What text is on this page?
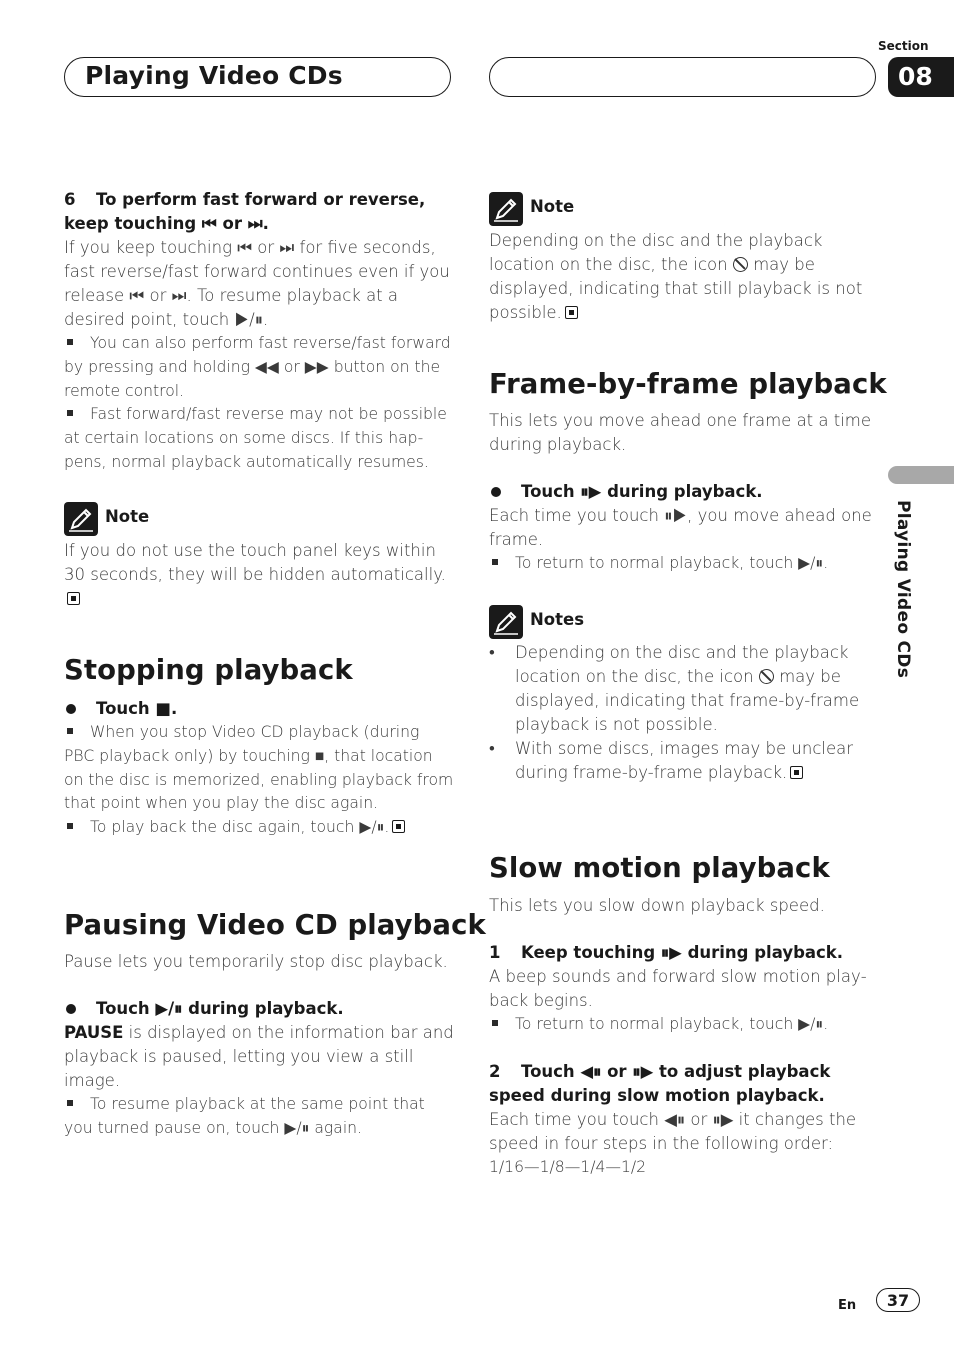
Playing Video CDs
Section
08
Playing Video CDs

6 To perform fast forward or reverse,

keep touching ⏮ or ⏭.

If you keep touching ⏮ or ⏭ for five seconds, fast reverse/fast forward continues even if you release ⏮ or ⏭. To resume playback at a desired point, touch ▶/⏸.

You can also perform fast reverse/fast forward by pressing and holding ◀◀ or ▶▶ button on the remote control.

Fast forward/fast reverse may not be possible at certain locations on some discs. If this happens, normal playback automatically resumes.

Note

If you do not use the touch panel keys within 30 seconds, they will be hidden automatically.

Stopping playback

Touch ■.

When you stop Video CD playback (during PBC playback only) by touching ■, that location on the disc is memorized, enabling playback from that point when you play the disc again.

To play back the disc again, touch ▶/⏸.

Pausing Video CD playback

Pause lets you temporarily stop disc playback.

Touch ▶/⏸ during playback.

PAUSE is displayed on the information bar and playback is paused, letting you view a still image.

To resume playback at the same point that you turned pause on, touch ▶/⏸ again.

Note

Depending on the disc and the playback location on the disc, the icon  may be displayed, indicating that still playback is not possible.

Frame-by-frame playback

This lets you move ahead one frame at a time during playback.

Touch ⏸▶ during playback.

Each time you touch ⏸▶, you move ahead one frame.

To return to normal playback, touch ▶/⏸.

Notes

• Depending on the disc and the playback location on the disc, the icon  may be displayed, indicating that frame-by-frame playback is not possible.

• With some discs, images may be unclear during frame-by-frame playback.

Slow motion playback

This lets you slow down playback speed.

1 Keep touching ⏸▶ during playback.

A beep sounds and forward slow motion playback begins.

To return to normal playback, touch ▶/⏸.

2 Touch ◀⏸ or ⏸▶ to adjust playback

speed during slow motion playback.

Each time you touch ◀⏸ or ⏸▶ it changes the speed in four steps in the following order:

1/16—1/8—1/4—1/2

En	37
